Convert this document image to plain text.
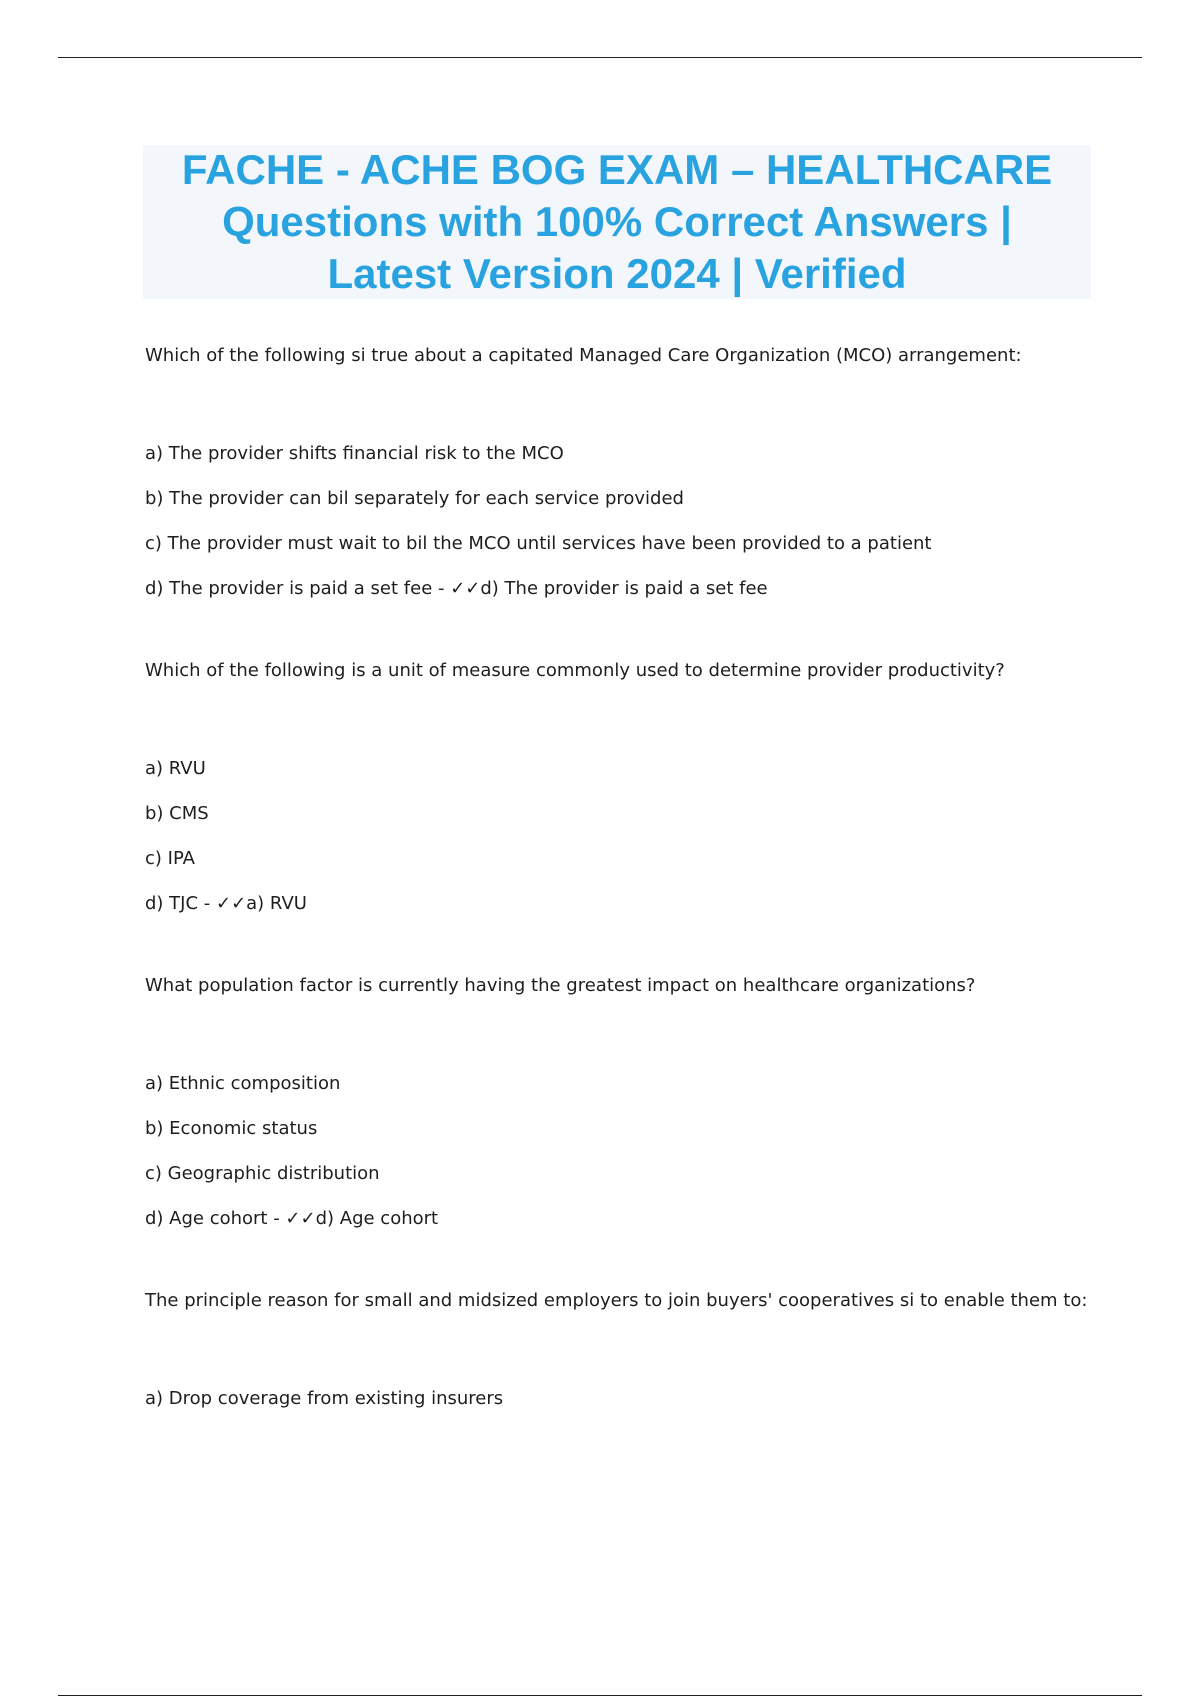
FACHE - ACHE BOG EXAM – HEALTHCARE
Questions with 100% Correct Answers |
Latest Version 2024 | Verified

Which of the following si true about a capitated Managed Care Organization (MCO) arrangement:

a) The provider shifts financial risk to the MCO

b) The provider can bil separately for each service provided

c) The provider must wait to bil the MCO until services have been provided to a patient

d) The provider is paid a set fee - ✓✓d) The provider is paid a set fee

Which of the following is a unit of measure commonly used to determine provider productivity?

a) RVU

b) CMS

c) IPA

d) TJC - ✓✓a) RVU

What population factor is currently having the greatest impact on healthcare organizations?

a) Ethnic composition

b) Economic status

c) Geographic distribution

d) Age cohort - ✓✓d) Age cohort

The principle reason for small and midsized employers to join buyers' cooperatives si to enable them to:

a) Drop coverage from existing insurers
